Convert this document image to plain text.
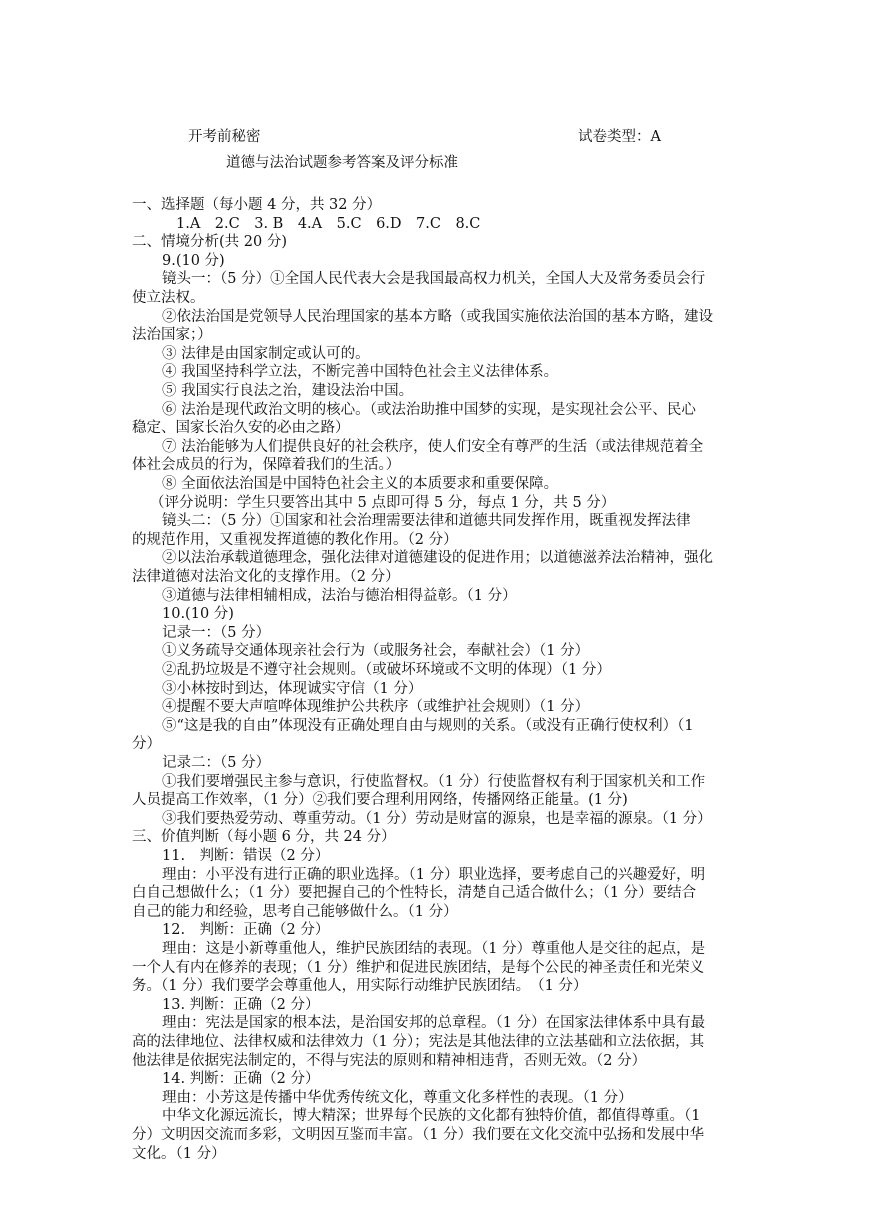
开考前秘密	试卷类型：A
道德与法治试题参考答案及评分标准
一、选择题（每小题 4 分，共 32 分）
1.A　2.C　3. B　4.A　5.C　6.D　7.C　8.C
二、情境分析(共 20 分)
9.(10 分)
镜头一：（5 分）①全国人民代表大会是我国最高权力机关，全国人大及常务委员会行
使立法权。
②依法治国是党领导人民治理国家的基本方略（或我国实施依法治国的基本方略，建设
法治国家；）
③ 法律是由国家制定或认可的。
④ 我国坚持科学立法，不断完善中国特色社会主义法律体系。
⑤ 我国实行良法之治，建设法治中国。
⑥ 法治是现代政治文明的核心。（或法治助推中国梦的实现，是实现社会公平、民心
稳定、国家长治久安的必由之路）
⑦ 法治能够为人们提供良好的社会秩序，使人们安全有尊严的生活（或法律规范着全
体社会成员的行为，保障着我们的生活。）
⑧ 全面依法治国是中国特色社会主义的本质要求和重要保障。
（评分说明：学生只要答出其中 5 点即可得 5 分，每点 1 分，共 5 分）
镜头二：（5 分）①国家和社会治理需要法律和道德共同发挥作用，既重视发挥法律
的规范作用，又重视发挥道德的教化作用。（2 分）
②以法治承载道德理念，强化法律对道德建设的促进作用；以道德滋养法治精神，强化
法律道德对法治文化的支撑作用。（2 分）
③道德与法律相辅相成，法治与德治相得益彰。（1 分）
10.(10 分)
记录一：（5 分）
①义务疏导交通体现亲社会行为（或服务社会，奉献社会）（1 分）
②乱扔垃圾是不遵守社会规则。（或破坏环境或不文明的体现）（1 分）
③小林按时到达，体现诚实守信（1 分）
④提醒不要大声喧哗体现维护公共秩序（或维护社会规则）（1 分）
⑤“这是我的自由”体现没有正确处理自由与规则的关系。（或没有正确行使权利）（1
分）
记录二：（5 分）
①我们要增强民主参与意识，行使监督权。（1 分）行使监督权有利于国家机关和工作
人员提高工作效率，（1 分）②我们要合理利用网络，传播网络正能量。(1 分)
③我们要热爱劳动、尊重劳动。（1 分）劳动是财富的源泉，也是幸福的源泉。（1 分）
三、价值判断（每小题 6 分，共 24 分）
11.　判断：错误（2 分）
理由：小平没有进行正确的职业选择。（1 分）职业选择，要考虑自己的兴趣爱好，明
白自己想做什么；（1 分）要把握自己的个性特长，清楚自己适合做什么；（1 分）要结合
自己的能力和经验，思考自己能够做什么。（1 分）
12.　判断：正确（2 分）
理由：这是小新尊重他人，维护民族团结的表现。（1 分）尊重他人是交往的起点，是
一个人有内在修养的表现；（1 分）维护和促进民族团结，是每个公民的神圣责任和光荣义
务。（1 分）我们要学会尊重他人，用实际行动维护民族团结。　（1 分）
13. 判断：正确（2 分）
理由：宪法是国家的根本法，是治国安邦的总章程。（1 分）在国家法律体系中具有最
高的法律地位、法律权威和法律效力（1 分）；宪法是其他法律的立法基础和立法依据，其
他法律是依据宪法制定的，不得与宪法的原则和精神相违背，否则无效。（2 分）
14. 判断：正确（2 分）
理由：小芳这是传播中华优秀传统文化，尊重文化多样性的表现。（1 分）
中华文化源远流长，博大精深；世界每个民族的文化都有独特价值，都值得尊重。（1
分）文明因交流而多彩，文明因互鉴而丰富。（1 分）我们要在文化交流中弘扬和发展中华
文化。（1 分）
